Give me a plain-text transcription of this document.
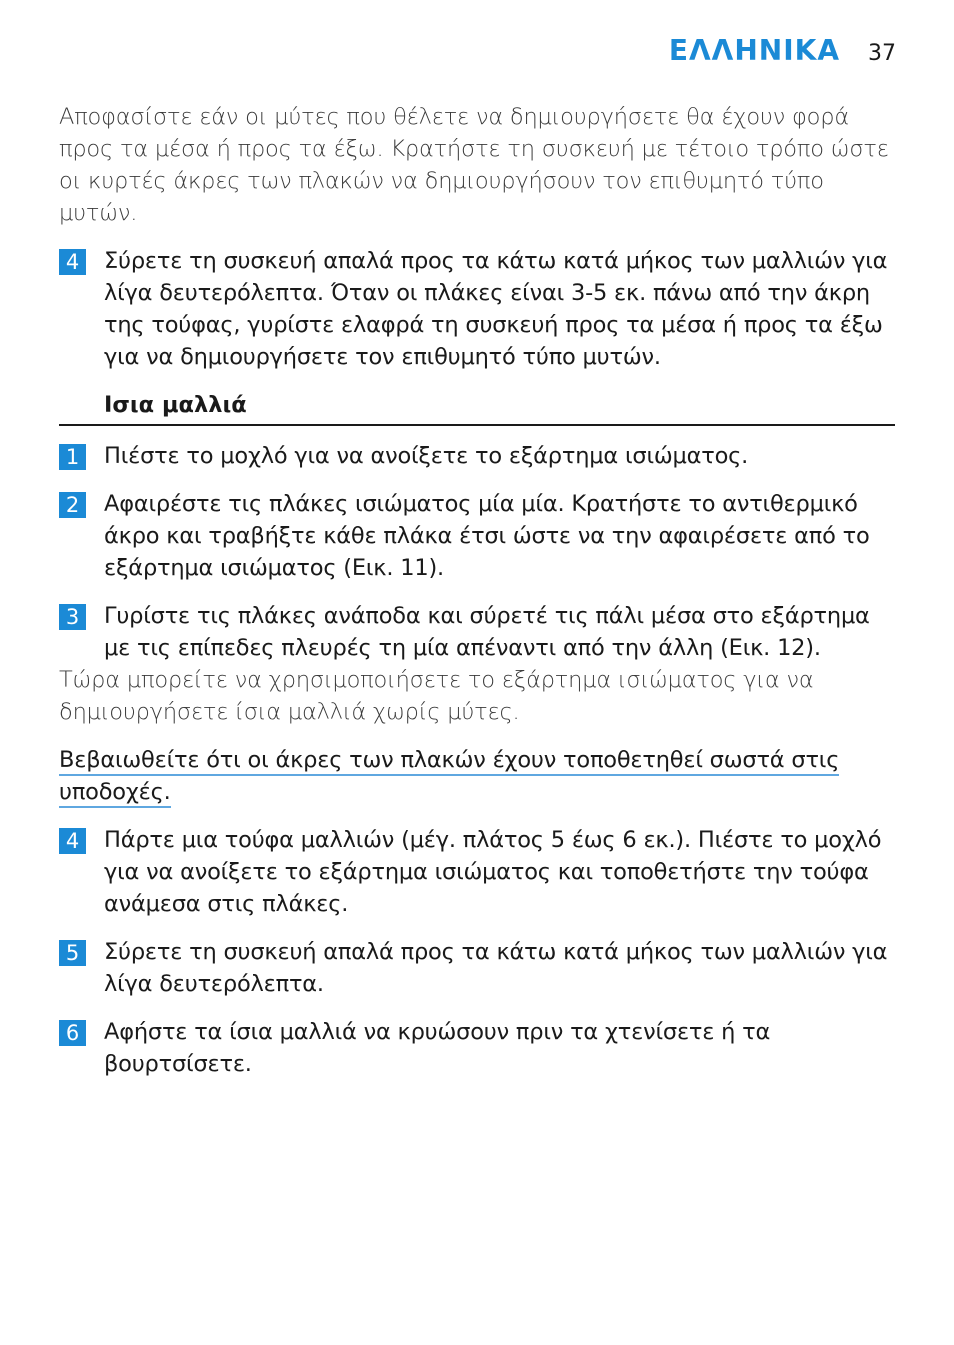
ΕΛΛΗΝΙΚΑ 37

Αποφασίστε εάν οι μύτες που θέλετε να δημιουργήσετε θα έχουν φορά προς τα μέσα ή προς τα έξω. Κρατήστε τη συσκευή με τέτοιο τρόπο ώστε οι κυρτές άκρες των πλακών να δημιουργήσουν τον επιθυμητό τύπο μυτών.

4	Σύρετε τη συσκευή απαλά προς τα κάτω κατά μήκος των μαλλιών για λίγα δευτερόλεπτα. Όταν οι πλάκες είναι 3-5 εκ. πάνω από την άκρη της τούφας, γυρίστε ελαφρά τη συσκευή προς τα μέσα ή προς τα έξω για να δημιουργήσετε τον επιθυμητό τύπο μυτών.
Ισια μαλλιά
1	Πιέστε το μοχλό για να ανοίξετε το εξάρτημα ισιώματος.
2	Αφαιρέστε τις πλάκες ισιώματος μία μία. Κρατήστε το αντιθερμικό άκρο και τραβήξτε κάθε πλάκα έτσι ώστε να την αφαιρέσετε από το εξάρτημα ισιώματος (Εικ. 11).
3	Γυρίστε τις πλάκες ανάποδα και σύρετέ τις πάλι μέσα στο εξάρτημα με τις επίπεδες πλευρές τη μία απέναντι από την άλλη (Εικ. 12).

Τώρα μπορείτε να χρησιμοποιήσετε το εξάρτημα ισιώματος για να δημιουργήσετε ίσια μαλλιά χωρίς μύτες.

Βεβαιωθείτε ότι οι άκρες των πλακών έχουν τοποθετηθεί σωστά στις υποδοχές.
4	Πάρτε μια τούφα μαλλιών (μέγ. πλάτος 5 έως 6 εκ.). Πιέστε το μοχλό για να ανοίξετε το εξάρτημα ισιώματος και τοποθετήστε την τούφα ανάμεσα στις πλάκες.
5	Σύρετε τη συσκευή απαλά προς τα κάτω κατά μήκος των μαλλιών για λίγα δευτερόλεπτα.
6	Αφήστε τα ίσια μαλλιά να κρυώσουν πριν τα χτενίσετε ή τα βουρτσίσετε.
